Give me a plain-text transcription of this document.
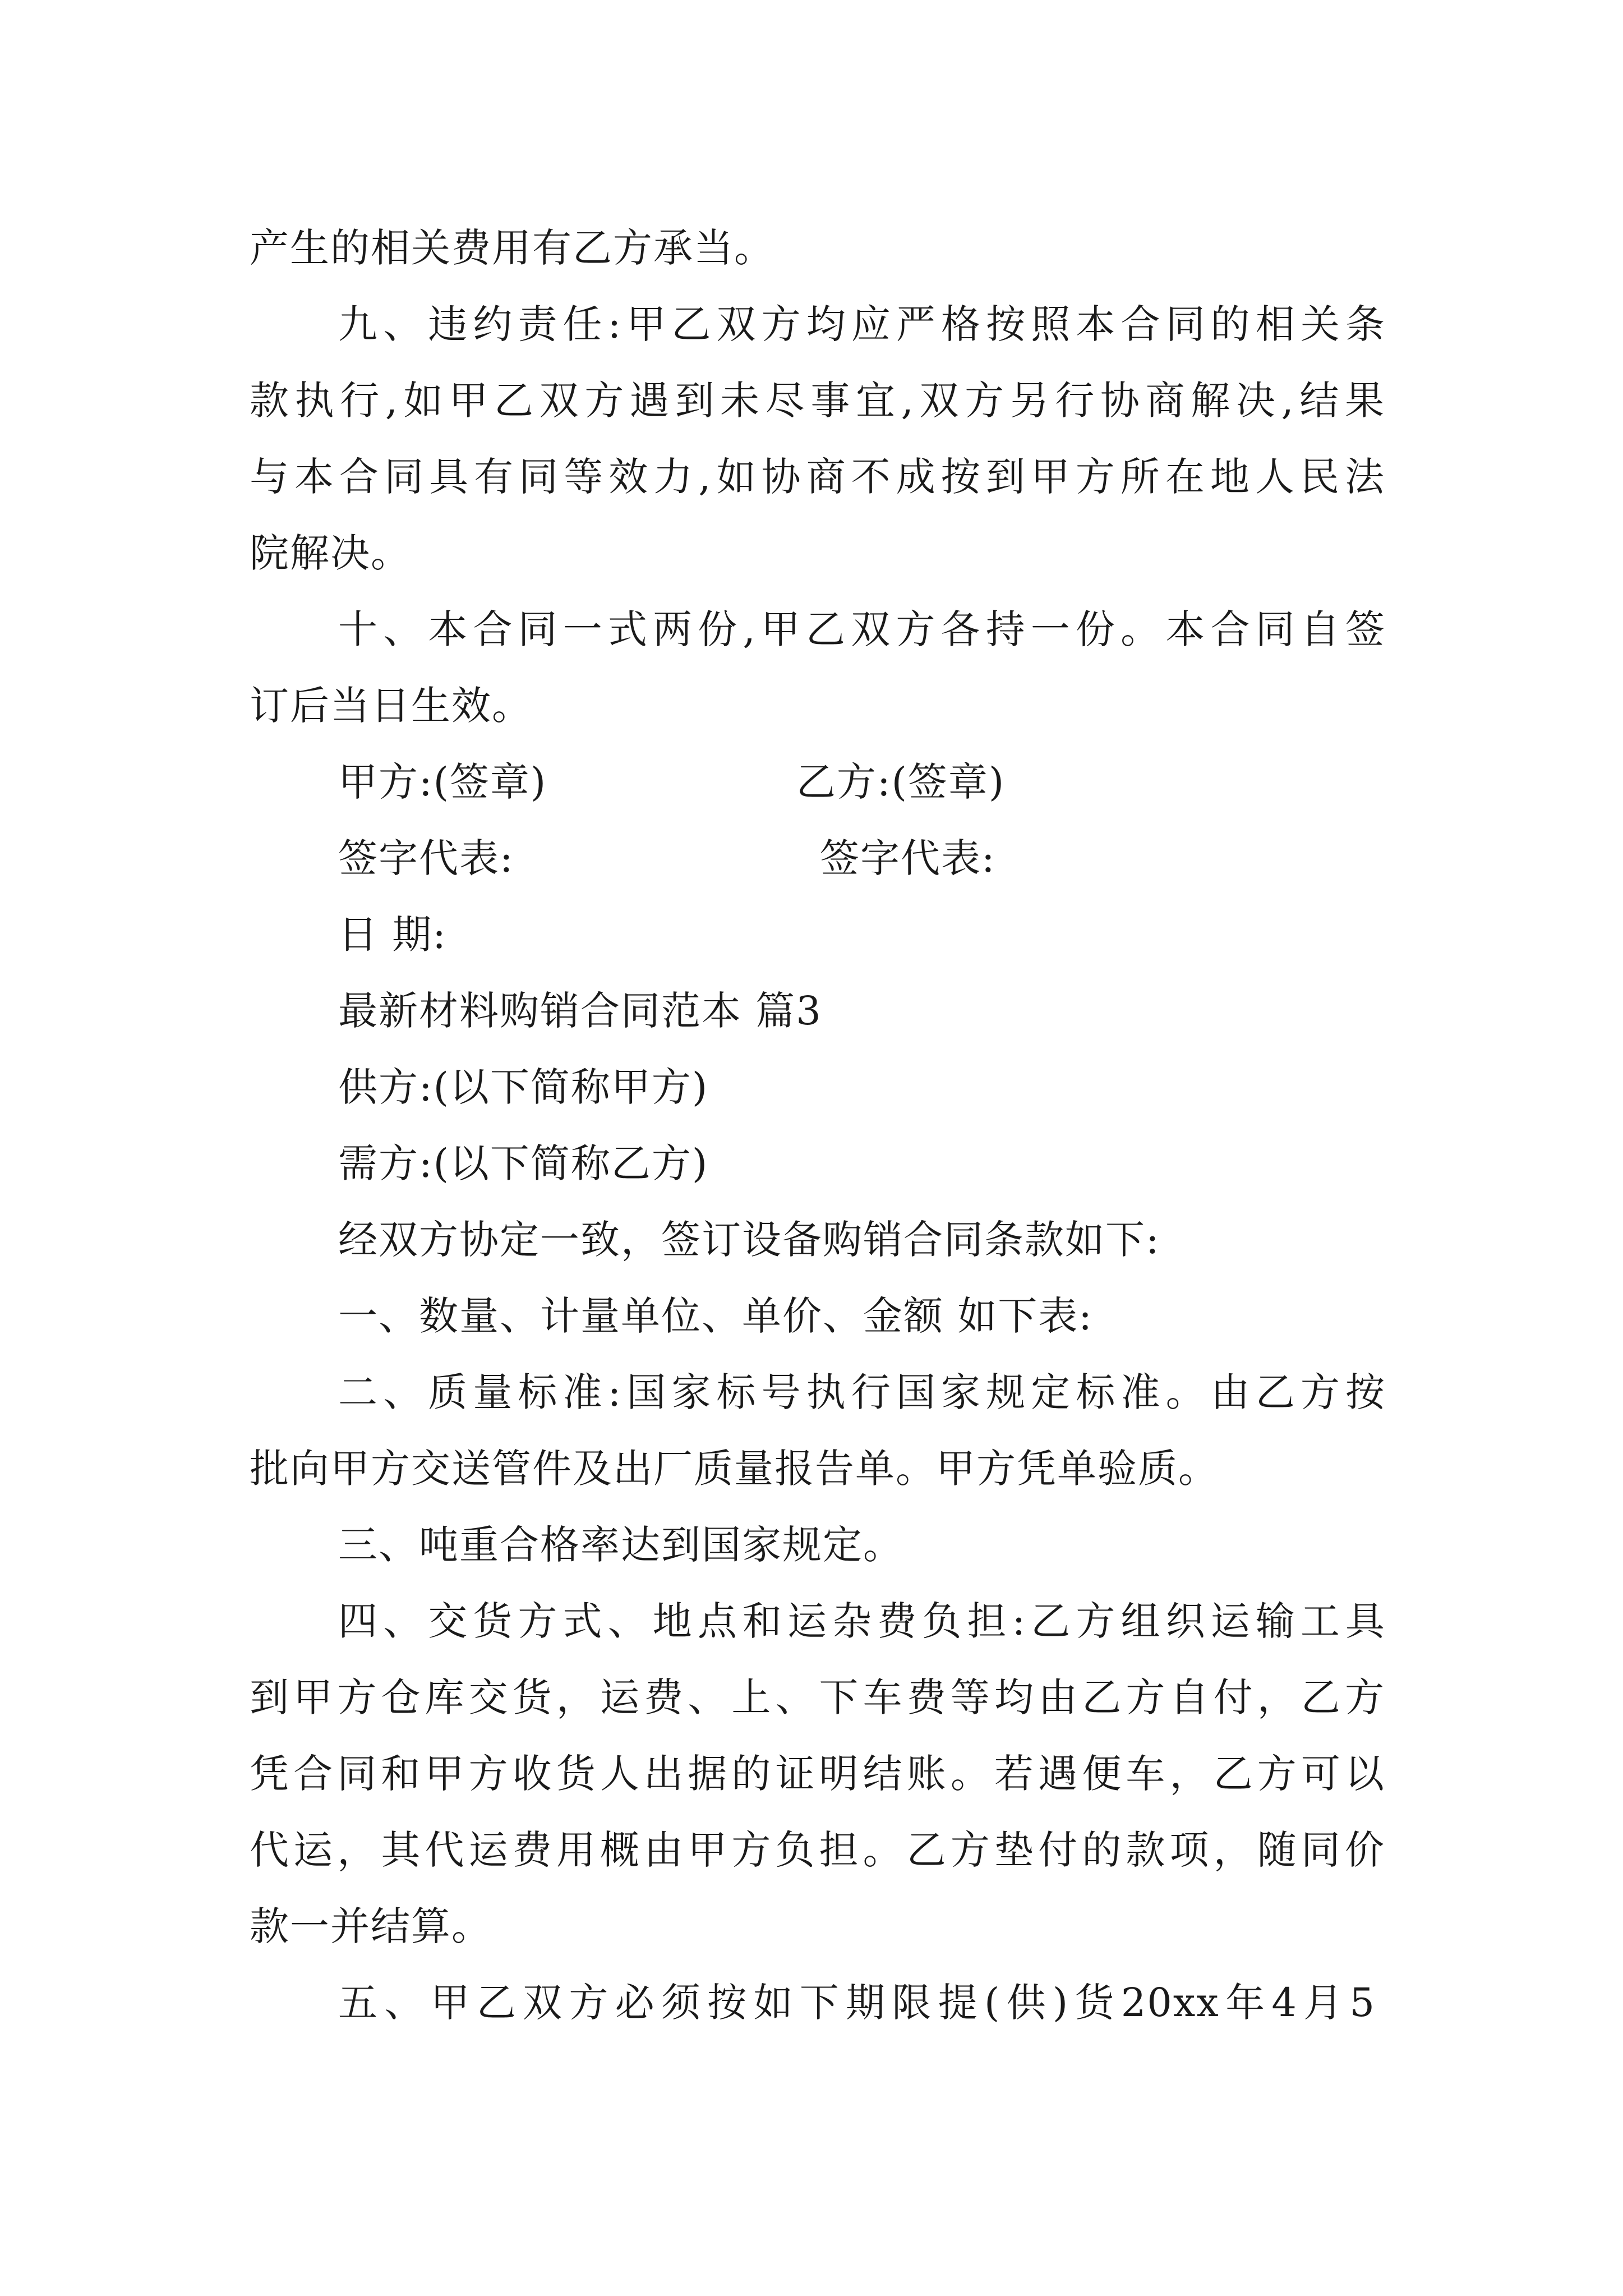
产生的相关费用有乙方承当。
九、违约责任:甲乙双方均应严格按照本合同的相关条
款执行,如甲乙双方遇到未尽事宜,双方另行协商解决,结果
与本合同具有同等效力,如协商不成按到甲方所在地人民法
院解决。
十、本合同一式两份,甲乙双方各持一份。本合同自签
订后当日生效。
甲方:(签章)	乙方:(签章)
签字代表:	签字代表:
日 期:
最新材料购销合同范本 篇3
供方:(以下简称甲方)
需方:(以下简称乙方)
经双方协定一致，签订设备购销合同条款如下:
一、数量、计量单位、单价、金额 如下表:
二、质量标准:国家标号执行国家规定标准。由乙方按
批向甲方交送管件及出厂质量报告单。甲方凭单验质。
三、吨重合格率达到国家规定。
四、交货方式、地点和运杂费负担:乙方组织运输工具
到甲方仓库交货，运费、上、下车费等均由乙方自付，乙方
凭合同和甲方收货人出据的证明结账。若遇便车，乙方可以
代运，其代运费用概由甲方负担。乙方垫付的款项，随同价
款一并结算。
五、甲乙双方必须按如下期限提(供)货20xx年4月5
